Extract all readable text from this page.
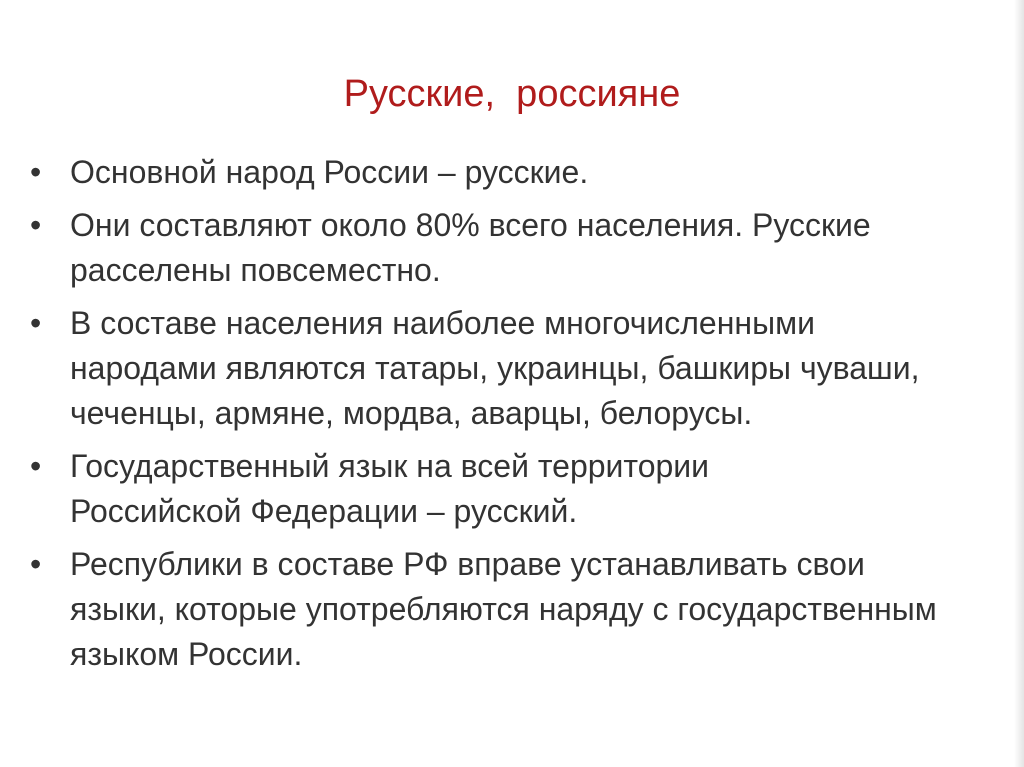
Русские,  россияне
• Основной народ России – русские.
• Они составляют около 80% всего населения. Русские расселены повсеместно.
• В составе населения наиболее многочисленными народами являются татары, украинцы, башкиры чуваши, чеченцы, армяне, мордва, аварцы, белорусы.
• Государственный язык на всей территории Российской Федерации – русский.
• Республики в составе РФ вправе устанавливать свои языки, которые употребляются наряду с государственным языком России.
